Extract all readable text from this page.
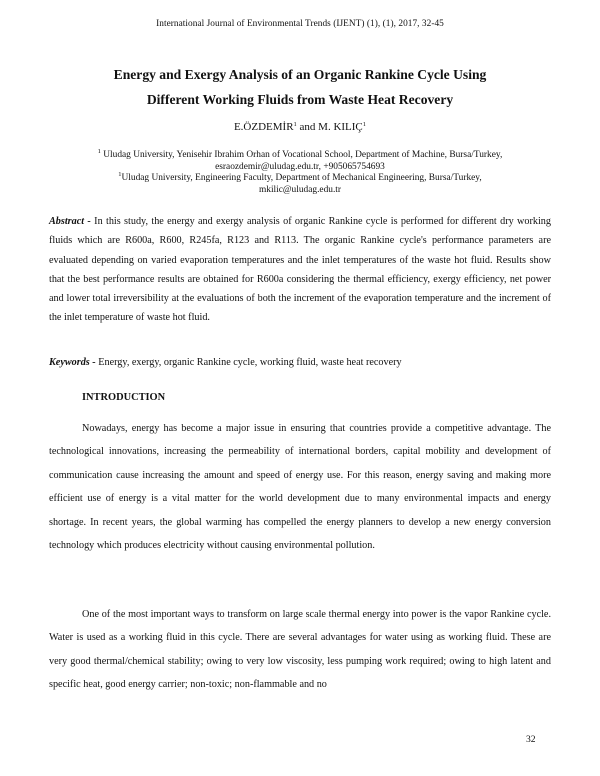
International Journal of Environmental Trends (IJENT) (1), (1), 2017, 32-45
Energy and Exergy Analysis of an Organic Rankine Cycle Using
Different Working Fluids from Waste Heat Recovery
E.ÖZDEMİR$^1$ and M. KILIÇ$^1$
$^1$ Uludag University, Yenisehir Ibrahim Orhan of Vocational School, Department of Machine, Bursa/Turkey,
esraozdemir@uludag.edu.tr, +905065754693
$^1$Uludag University, Engineering Faculty, Department of Mechanical Engineering, Bursa/Turkey,
mkilic@uludag.edu.tr
Abstract - In this study, the energy and exergy analysis of organic Rankine cycle is performed for different dry working fluids which are R600a, R600, R245fa, R123 and R113. The organic Rankine cycle's performance parameters are evaluated depending on varied evaporation temperatures and the inlet temperatures of the waste hot fluid. Results show that the best performance results are obtained for R600a considering the thermal efficiency, exergy efficiency, net power and lower total irreversibility at the evaluations of both the increment of the evaporation temperature and the increment of the inlet temperature of waste hot fluid.
Keywords - Energy, exergy, organic Rankine cycle, working fluid, waste heat recovery
INTRODUCTION

Nowadays, energy has become a major issue in ensuring that countries provide a competitive advantage. The technological innovations, increasing the permeability of international borders, capital mobility and development of communication cause increasing the amount and speed of energy use. For this reason, energy saving and making more efficient use of energy is a vital matter for the world development due to many environmental impacts and energy shortage. In recent years, the global warming has compelled the energy planners to develop a new energy conversion technology which produces electricity without causing environmental pollution.

One of the most important ways to transform on large scale thermal energy into power is the vapor Rankine cycle. Water is used as a working fluid in this cycle. There are several advantages for water using as working fluid. These are very good thermal/chemical stability; owing to very low viscosity, less pumping work required; owing to high latent and specific heat, good energy carrier; non-toxic; non-flammable and no

32
